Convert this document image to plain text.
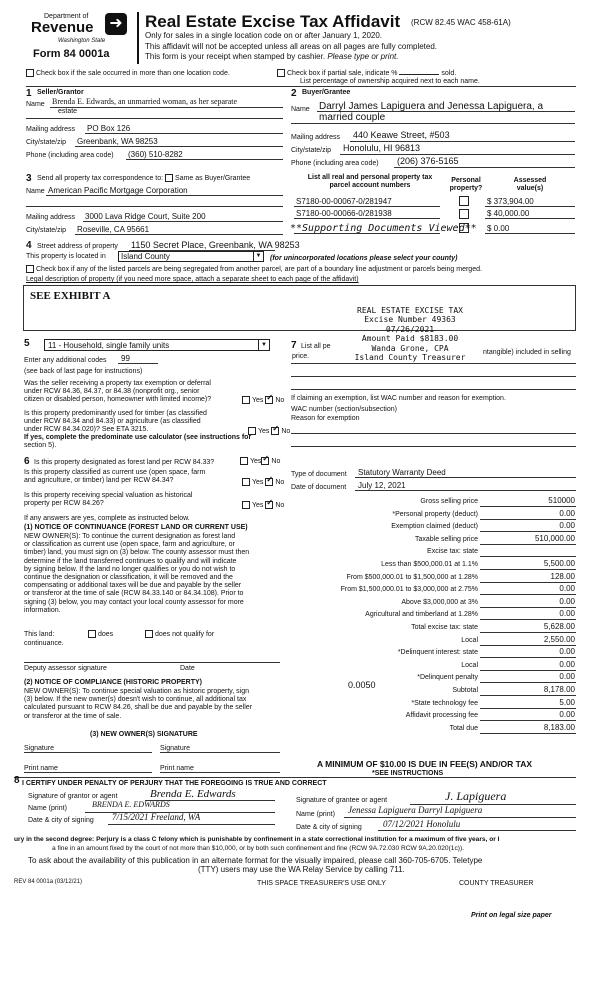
Department of
Revenue ➜
Washington State
Form 84 0001a
Real Estate Excise Tax Affidavit (RCW 82.45 WAC 458-61A)
Only for sales in a single location code on or after January 1, 2020.
This affidavit will not be accepted unless all areas on all pages are fully completed.
This form is your receipt when stamped by cashier. Please type or print.
Check box if the sale occurred in more than one location code.	Check box if partial sale, indicate %	sold.
List percentage of ownership acquired next to each name.
1 Seller/Grantor
Name Brenda E. Edwards, an unmarried woman, as her separate
estate
Mailing address PO Box 126
City/state/zip Greenbank, WA 98253
Phone (including area code) (360) 510-8282
2 Buyer/Grantee
Name Darryl James Lapiguera and Jenessa Lapiguera, a
married couple
Mailing address 440 Keawe Street, #503
City/state/zip Honolulu, HI 96813
Phone (including area code) (206) 376-5165
3 Send all property tax correspondence to: Same as Buyer/Grantee
Name American Pacific Mortgage Corporation
Mailing address 3000 Lava Ridge Court, Suite 200
City/state/zip Roseville, CA 95661
List all real and personal property tax
parcel account numbers
Personal
property?
Assessed
value(s)
S7180-00-00067-0/281947	$ 373,904.00
S7180-00-00066-0/281938	$ 40,000.00
**Supporting Documents Viewed** $ 0.00
4 Street address of property 1150 Secret Place, Greenbank, WA 98253
This property is located in	Island County	▼ (for unincorporated locations please select your county)
Check box if any of the listed parcels are being segregated from another parcel, are part of a boundary line adjustment or parcels being merged.
Legal description of property (if you need more space, attach a separate sheet to each page of the affidavit)
SEE EXHIBIT A
REAL ESTATE EXCISE TAX
Excise Number 49363
07/26/2021
Amount Paid $8183.00
Wanda Grone, CPA
Island County Treasurer
5	11 - Household, single family units	▼
Enter any additional codes 99
(see back of last page for instructions)
Was the seller receiving a property tax exemption or deferral
under RCW 84.36, 84.37, or 84.38 (nonprofit org., senior
citizen or disabled person, homeowner with limited income)?	Yes ✓ No
Is this property predominantly used for timber (as classified
under RCW 84.34 and 84.33) or agriculture (as classified
under RCW 84.34.020)? See ETA 3215.
If yes, complete the predominate use calculator (see instructions for
section 5).
Yes ✓ No
7 List all pe
price.
ntangible) included in selling
If claiming an exemption, list WAC number and reason for exemption.
WAC number (section/subsection)
Reason for exemption
6 Is this property designated as forest land per RCW 84.33?	Yes ✓ No
Is this property classified as current use (open space, farm
and agriculture, or timber) land per RCW 84.34?	Yes ✓ No
Is this property receiving special valuation as historical
property per RCW 84.26?	Yes ✓ No
If any answers are yes, complete as instructed below.
(1) NOTICE OF CONTINUANCE (FOREST LAND OR CURRENT USE)
NEW OWNER(S): To continue the current designation as forest land
or classification as current use (open space, farm and agriculture, or
timber) land, you must sign on (3) below. The county assessor must then
determine if the land transferred continues to qualify and will indicate
by signing below. If the land no longer qualifies or you do not wish to
continue the designation or classification, it will be removed and the
compensating or additional taxes will be due and payable by the seller
or transferor at the time of sale (RCW 84.33.140 or 84.34.108). Prior to
signing (3) below, you may contact your local county assessor for more
information.
This land:	does	does not qualify for
continuance.
Deputy assessor signature	Date
(2) NOTICE OF COMPLIANCE (HISTORIC PROPERTY)
NEW OWNER(S): To continue special valuation as historic property, sign
(3) below. If the new owner(s) doesn't wish to continue, all additional tax
calculated pursuant to RCW 84.26, shall be due and payable by the seller
or transferor at the time of sale.
(3) NEW OWNER(S) SIGNATURE
Signature	Signature
Print name	Print name
Type of document Statutory Warranty Deed
Date of document July 12, 2021
Gross selling price	510000
*Personal property (deduct)	0.00
Exemption claimed (deduct)	0.00
Taxable selling price	510,000.00
Excise tax: state
Less than $500,000.01 at 1.1%	5,500.00
From $500,000.01 to $1,500,000 at 1.28%	128.00
From $1,500,000.01 to $3,000,000 at 2.75%	0.00
Above $3,000,000 at 3%	0.00
Agricultural and timberland at 1.28%	0.00
Total excise tax: state	5,628.00
Local	2,550.00
*Delinquent interest: state	0.00
Local	0.00
*Delinquent penalty	0.00
Subtotal	8,178.00
*State technology fee	5.00
Affidavit processing fee	0.00
Total due	8,183.00
0.0050
A MINIMUM OF $10.00 IS DUE IN FEE(S) AND/OR TAX
*SEE INSTRUCTIONS
8 I CERTIFY UNDER PENALTY OF PERJURY THAT THE FOREGOING IS TRUE AND CORRECT
Signature of grantor or agent	Brenda E. Edwards
Name (print)	BRENDA E. EDWARDS
Date & city of signing 7/15/2021 Freeland, WA
Signature of grantee or agent	J. Lapiguera
Name (print) Jenessa Lapiguera Darryl Lapiguera
Date & city of signing 07/12/2021 Honolulu
ury in the second degree: Perjury is a class C felony which is punishable by confinement in a state correctional institution for a maximum of five years, or I
a fine in an amount fixed by the court of not more than $10,000, or by both such confinement and fine (RCW 9A.72.030 RCW 9A.20.020(1c)).
To ask about the availability of this publication in an alternate format for the visually impaired, please call 360-705-6705. Teletype
(TTY) users may use the WA Relay Service by calling 711.
REV 84 0001a (03/12/21)	THIS SPACE TREASURER'S USE ONLY	COUNTY TREASURER
Print on legal size paper
